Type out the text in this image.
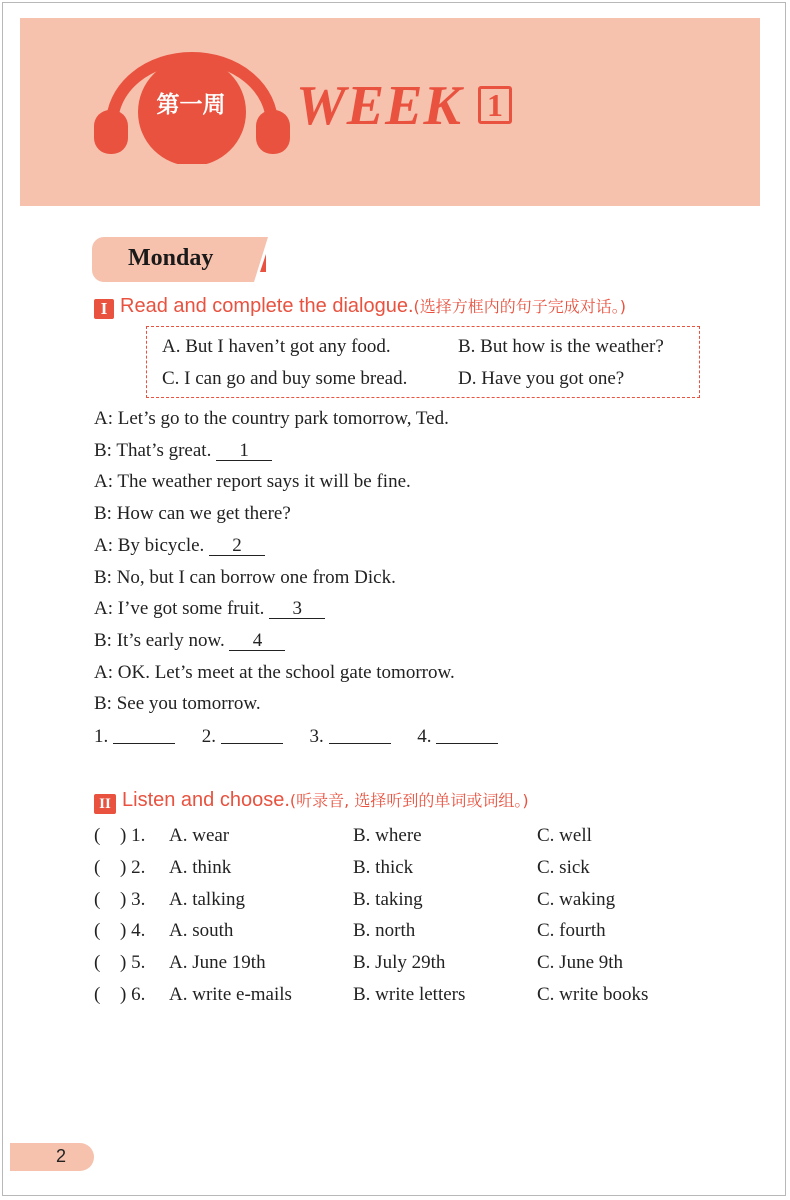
第一周 WEEK 1
Monday
I Read and complete the dialogue.(选择方框内的句子完成对话。)
A. But I haven’t got any food.	B. But how is the weather?
C. I can go and buy some bread.	D. Have you got one?
A: Let’s go to the country park tomorrow, Ted.
B: That’s great. 1
A: The weather report says it will be fine.
B: How can we get there?
A: By bicycle. 2
B: No, but I can borrow one from Dick.
A: I’ve got some fruit. 3
B: It’s early now. 4
A: OK. Let’s meet at the school gate tomorrow.
B: See you tomorrow.
1.	2.	3.	4.
II Listen and choose.(听录音, 选择听到的单词或词组。)
( ) 1. A. wear	B. where	C. well
( ) 2. A. think	B. thick	C. sick
( ) 3. A. talking	B. taking	C. waking
( ) 4. A. south	B. north	C. fourth
( ) 5. A. June 19th	B. July 29th	C. June 9th
( ) 6. A. write e-mails	B. write letters	C. write books
2
